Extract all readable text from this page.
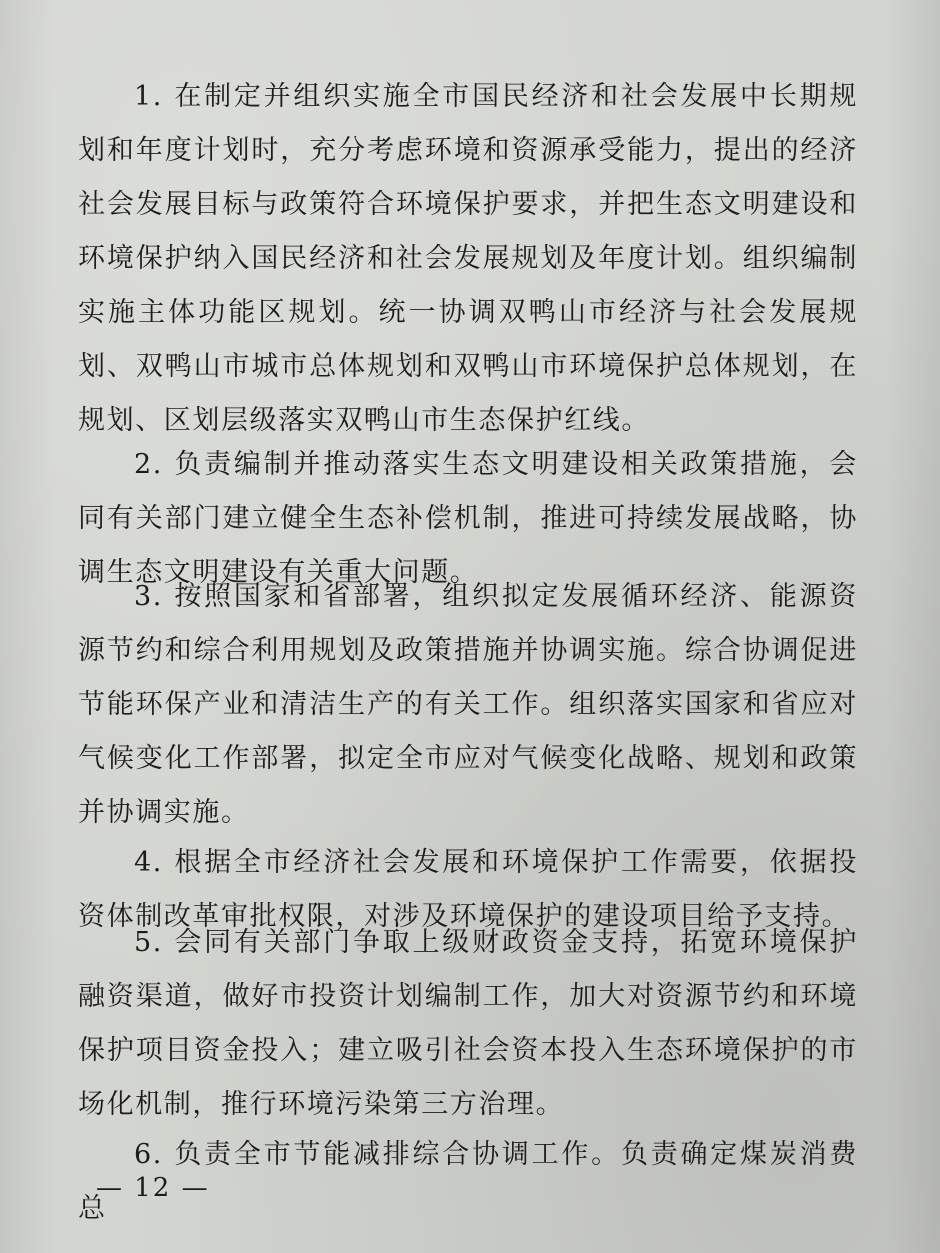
1. 在制定并组织实施全市国民经济和社会发展中长期规划和年度计划时，充分考虑环境和资源承受能力，提出的经济社会发展目标与政策符合环境保护要求，并把生态文明建设和环境保护纳入国民经济和社会发展规划及年度计划。组织编制实施主体功能区规划。统一协调双鸭山市经济与社会发展规划、双鸭山市城市总体规划和双鸭山市环境保护总体规划，在规划、区划层级落实双鸭山市生态保护红线。

2. 负责编制并推动落实生态文明建设相关政策措施，会同有关部门建立健全生态补偿机制，推进可持续发展战略，协调生态文明建设有关重大问题。

3. 按照国家和省部署，组织拟定发展循环经济、能源资源节约和综合利用规划及政策措施并协调实施。综合协调促进节能环保产业和清洁生产的有关工作。组织落实国家和省应对气候变化工作部署，拟定全市应对气候变化战略、规划和政策并协调实施。

4. 根据全市经济社会发展和环境保护工作需要，依据投资体制改革审批权限，对涉及环境保护的建设项目给予支持。

5. 会同有关部门争取上级财政资金支持，拓宽环境保护融资渠道，做好市投资计划编制工作，加大对资源节约和环境保护项目资金投入；建立吸引社会资本投入生态环境保护的市场化机制，推行环境污染第三方治理。

6. 负责全市节能减排综合协调工作。负责确定煤炭消费总

— 12 —
